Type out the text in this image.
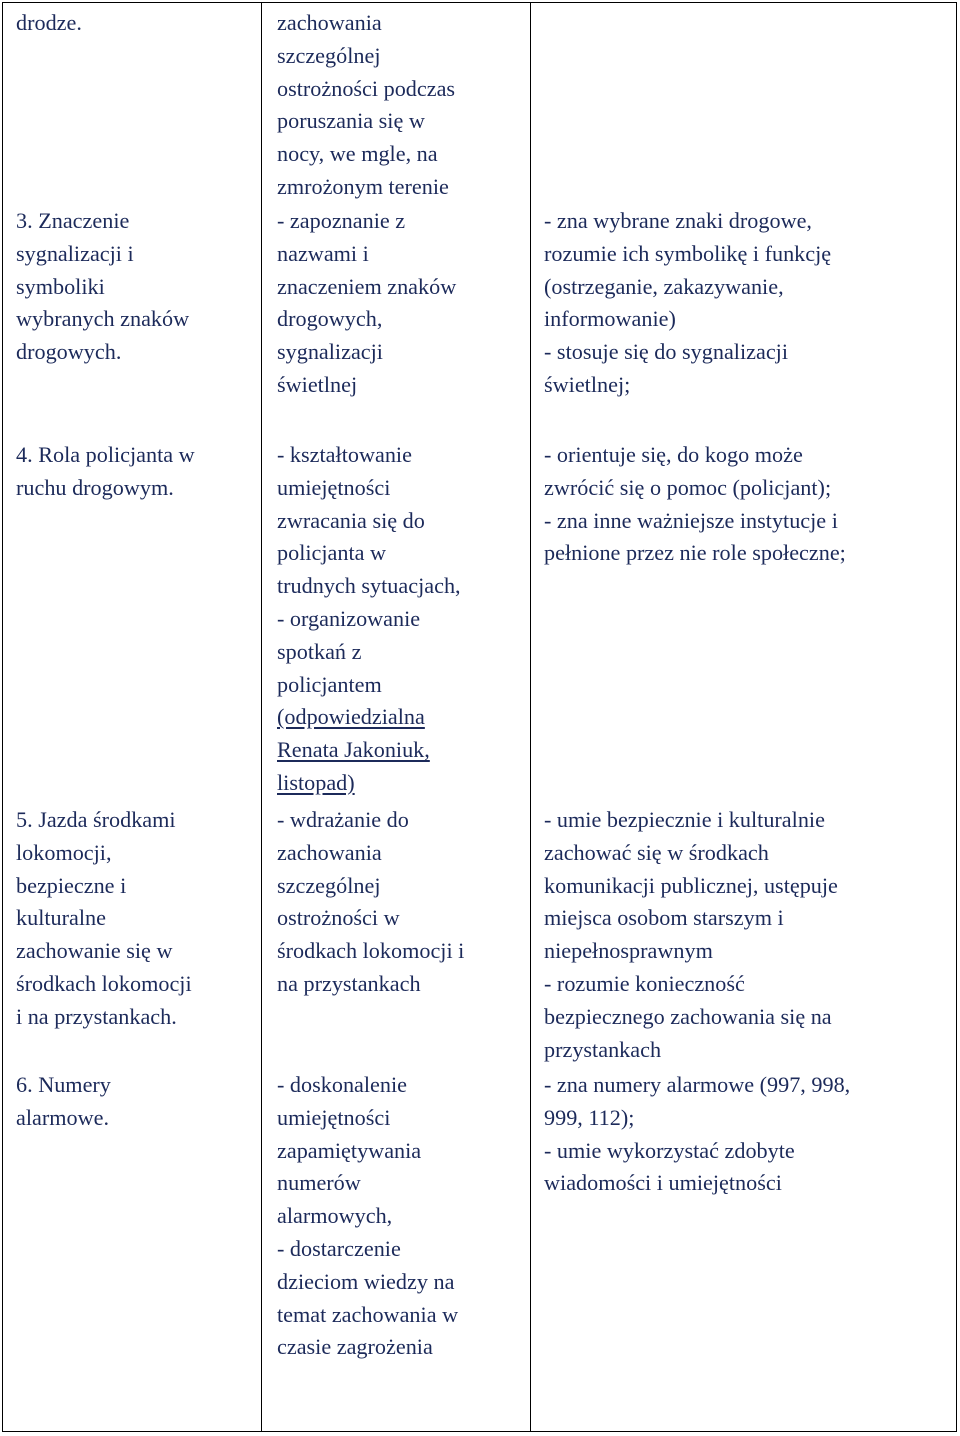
drodze.	zachowania
szczególnej
ostrożności podczas
poruszania się w
nocy, we mgle, na
zmrożonym terenie
3. Znaczenie
sygnalizacji i
symboliki
wybranych znaków
drogowych.
- zapoznanie z
nazwami i
znaczeniem znaków
drogowych,
sygnalizacji
świetlnej
- zna wybrane znaki drogowe,
rozumie ich symbolikę i funkcję
(ostrzeganie, zakazywanie,
informowanie)
- stosuje się do sygnalizacji
świetlnej;
4. Rola policjanta w
ruchu drogowym.
- kształtowanie
umiejętności
zwracania się do
policjanta w
trudnych sytuacjach,
- organizowanie
spotkań z
policjantem
(odpowiedzialna
Renata Jakoniuk,
listopad)
- orientuje się, do kogo może
zwrócić się o pomoc (policjant);
- zna inne ważniejsze instytucje i
pełnione przez nie role społeczne;
5. Jazda środkami
lokomocji,
bezpieczne i
kulturalne
zachowanie się w
środkach lokomocji
i na przystankach.
- wdrażanie do
zachowania
szczególnej
ostrożności w
środkach lokomocji i
na przystankach
- umie bezpiecznie i kulturalnie
zachować się w środkach
komunikacji publicznej, ustępuje
miejsca osobom starszym i
niepełnosprawnym
- rozumie konieczność
bezpiecznego zachowania się na
przystankach
6. Numery
alarmowe.
- doskonalenie
umiejętności
zapamiętywania
numerów
alarmowych,
- dostarczenie
dzieciom wiedzy na
temat zachowania w
czasie zagrożenia
- zna numery alarmowe (997, 998,
999, 112);
- umie wykorzystać zdobyte
wiadomości i umiejętności
